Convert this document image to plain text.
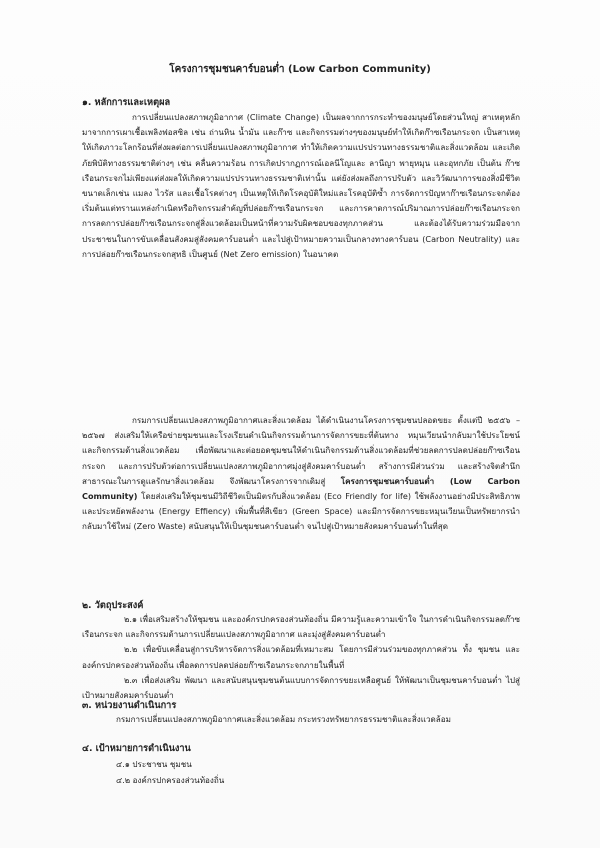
โครงการชุมชนคาร์บอนต่ำ (Low Carbon Community)
๑. หลักการและเหตุผล

การเปลี่ยนแปลงสภาพภูมิอากาศ (Climate Change) เป็นผลจากการกระทำของมนุษย์โดยส่วนใหญ่ สาเหตุหลักมาจากการเผาเชื้อเพลิงฟอสซิล เช่น ถ่านหิน น้ำมัน และก๊าซ และกิจกรรมต่างๆของมนุษย์ทำให้เกิดก๊าซเรือนกระจก เป็นสาเหตุให้เกิดภาวะโลกร้อนที่ส่งผลต่อการเปลี่ยนแปลงสภาพภูมิอากาศ ทำให้เกิดความแปรปรวนทางธรรมชาติและสิ่งแวดล้อม และเกิดภัยพิบัติทางธรรมชาติต่างๆ เช่น คลื่นความร้อน การเกิดปรากฏการณ์เอลนีโญและ ลานีญา พายุหมุน และอุทกภัย เป็นต้น ก๊าซเรือนกระจกไม่เพียงแต่ส่งผลให้เกิดความแปรปรวนทางธรรมชาติเท่านั้น แต่ยังส่งผลถึงการปรับตัว และวิวัฒนาการของสิ่งมีชีวิตขนาดเล็กเช่น แมลง ไวรัส และเชื้อโรคต่างๆ เป็นเหตุให้เกิดโรคอุบัติใหม่และโรคอุบัติซ้ำ การจัดการปัญหาก๊าซเรือนกระจกต้องเริ่มต้นแต่ทรานแหล่งกำเนิดหรือกิจกรรมสำคัญที่ปล่อยก๊าซเรือนกระจก และการคาดการณ์ปริมาณการปล่อยก๊าซเรือนกระจก การลดการปล่อยก๊าซเรือนกระจกสู่สิ่งแวดล้อมเป็นหน้าที่ความรับผิดชอบของทุกภาคส่วน และต้องได้รับความร่วมมือจากประชาชนในการขับเคลื่อนสังคมสู่สังคมคาร์บอนต่ำ และไปสู่เป้าหมายความเป็นกลางทางคาร์บอน (Carbon Neutrality) และการปล่อยก๊าซเรือนกระจกสุทธิ เป็นศูนย์ (Net Zero emission) ในอนาคต

กรมการเปลี่ยนแปลงสภาพภูมิอากาศและสิ่งแวดล้อม ได้ดำเนินงานโครงการชุมชนปลอดขยะ ตั้งแต่ปี ๒๕๕๖ – ๒๕๖๗ ส่งเสริมให้เครือข่ายชุมชนและโรงเรียนดำเนินกิจกรรมด้านการจัดการขยะที่ต้นทาง หมุนเวียนนำกลับมาใช้ประโยชน์และกิจกรรมด้านสิ่งแวดล้อม เพื่อพัฒนาและต่อยอดชุมชนให้ดำเนินกิจกรรมด้านสิ่งแวดล้อมที่ช่วยลดการปลดปล่อยก๊าซเรือนกระจก และการปรับตัวต่อการเปลี่ยนแปลงสภาพภูมิอากาศมุ่งสู่สังคมคาร์บอนต่ำ สร้างการมีส่วนร่วม และสร้างจิตสำนึกสาธารณะในการดูแลรักษาสิ่งแวดล้อม จึงพัฒนาโครงการจากเดิมสู่ โครงการชุมชนคาร์บอนต่ำ (Low Carbon Community) โดยส่งเสริมให้ชุมชนมีวิถีชีวิตเป็นมิตรกับสิ่งแวดล้อม (Eco Friendly for life) ใช้พลังงานอย่างมีประสิทธิภาพและประหยัดพลังงาน (Energy Effiency) เพิ่มพื้นที่สีเขียว (Green Space) และมีการจัดการขยะหมุนเวียนเป็นทรัพยากรนำกลับมาใช้ใหม่ (Zero Waste) สนับสนุนให้เป็นชุมชนคาร์บอนต่ำ จนไปสู่เป้าหมายสังคมคาร์บอนต่ำในที่สุด

๒. วัตถุประสงค์

๒.๑ เพื่อเสริมสร้างให้ชุมชน และองค์กรปกครองส่วนท้องถิ่น มีความรู้และความเข้าใจ ในการดำเนินกิจกรรมลดก๊าซเรือนกระจก และกิจกรรมด้านการเปลี่ยนแปลงสภาพภูมิอากาศ และมุ่งสู่สังคมคาร์บอนต่ำ

๒.๒ เพื่อขับเคลื่อนสู่การบริหารจัดการสิ่งแวดล้อมที่เหมาะสม โดยการมีส่วนร่วมของทุกภาคส่วน ทั้ง ชุมชน และองค์กรปกครองส่วนท้องถิ่น เพื่อลดการปลดปล่อยก๊าซเรือนกระจกภายในพื้นที่

๒.๓ เพื่อส่งเสริม พัฒนา และสนับสนุนชุมชนต้นแบบการจัดการขยะเหลือศูนย์ ให้พัฒนาเป็นชุมชนคาร์บอนต่ำ ไปสู่เป้าหมายสังคมคาร์บอนต่ำ

๓. หน่วยงานดำเนินการ
กรมการเปลี่ยนแปลงสภาพภูมิอากาศและสิ่งแวดล้อม กระทรวงทรัพยากรธรรมชาติและสิ่งแวดล้อม
๔. เป้าหมายการดำเนินงาน
๔.๑ ประชาชน ชุมชน
๔.๒ องค์กรปกครองส่วนท้องถิ่น
